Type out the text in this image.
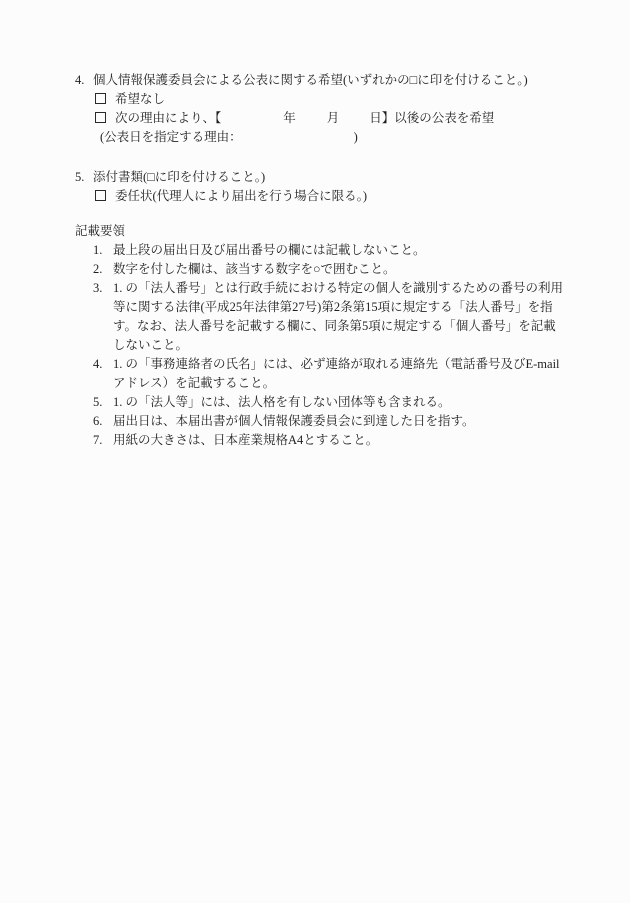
4. 個人情報保護委員会による公表に関する希望(いずれかの□に印を付けること。)
希望なし
次の理由により、【	年 月 日】以後の公表を希望
(公表日を指定する理由：	)
5. 添付書類(□に印を付けること。)
委任状(代理人により届出を行う場合に限る。)
記載要領
1. 最上段の届出日及び届出番号の欄には記載しないこと。
2. 数字を付した欄は、該当する数字を○で囲むこと。
3. 1. の「法人番号」とは行政手続における特定の個人を識別するための番号の利用等に関する法律(平成25年法律第27号)第2条第15項に規定する「法人番号」を指す。なお、法人番号を記載する欄に、同条第5項に規定する「個人番号」を記載しないこと。
4. 1. の「事務連絡者の氏名」には、必ず連絡が取れる連絡先（電話番号及びE-mailアドレス）を記載すること。
5. 1. の「法人等」には、法人格を有しない団体等も含まれる。
6. 届出日は、本届出書が個人情報保護委員会に到達した日を指す。
7. 用紙の大きさは、日本産業規格A4とすること。
